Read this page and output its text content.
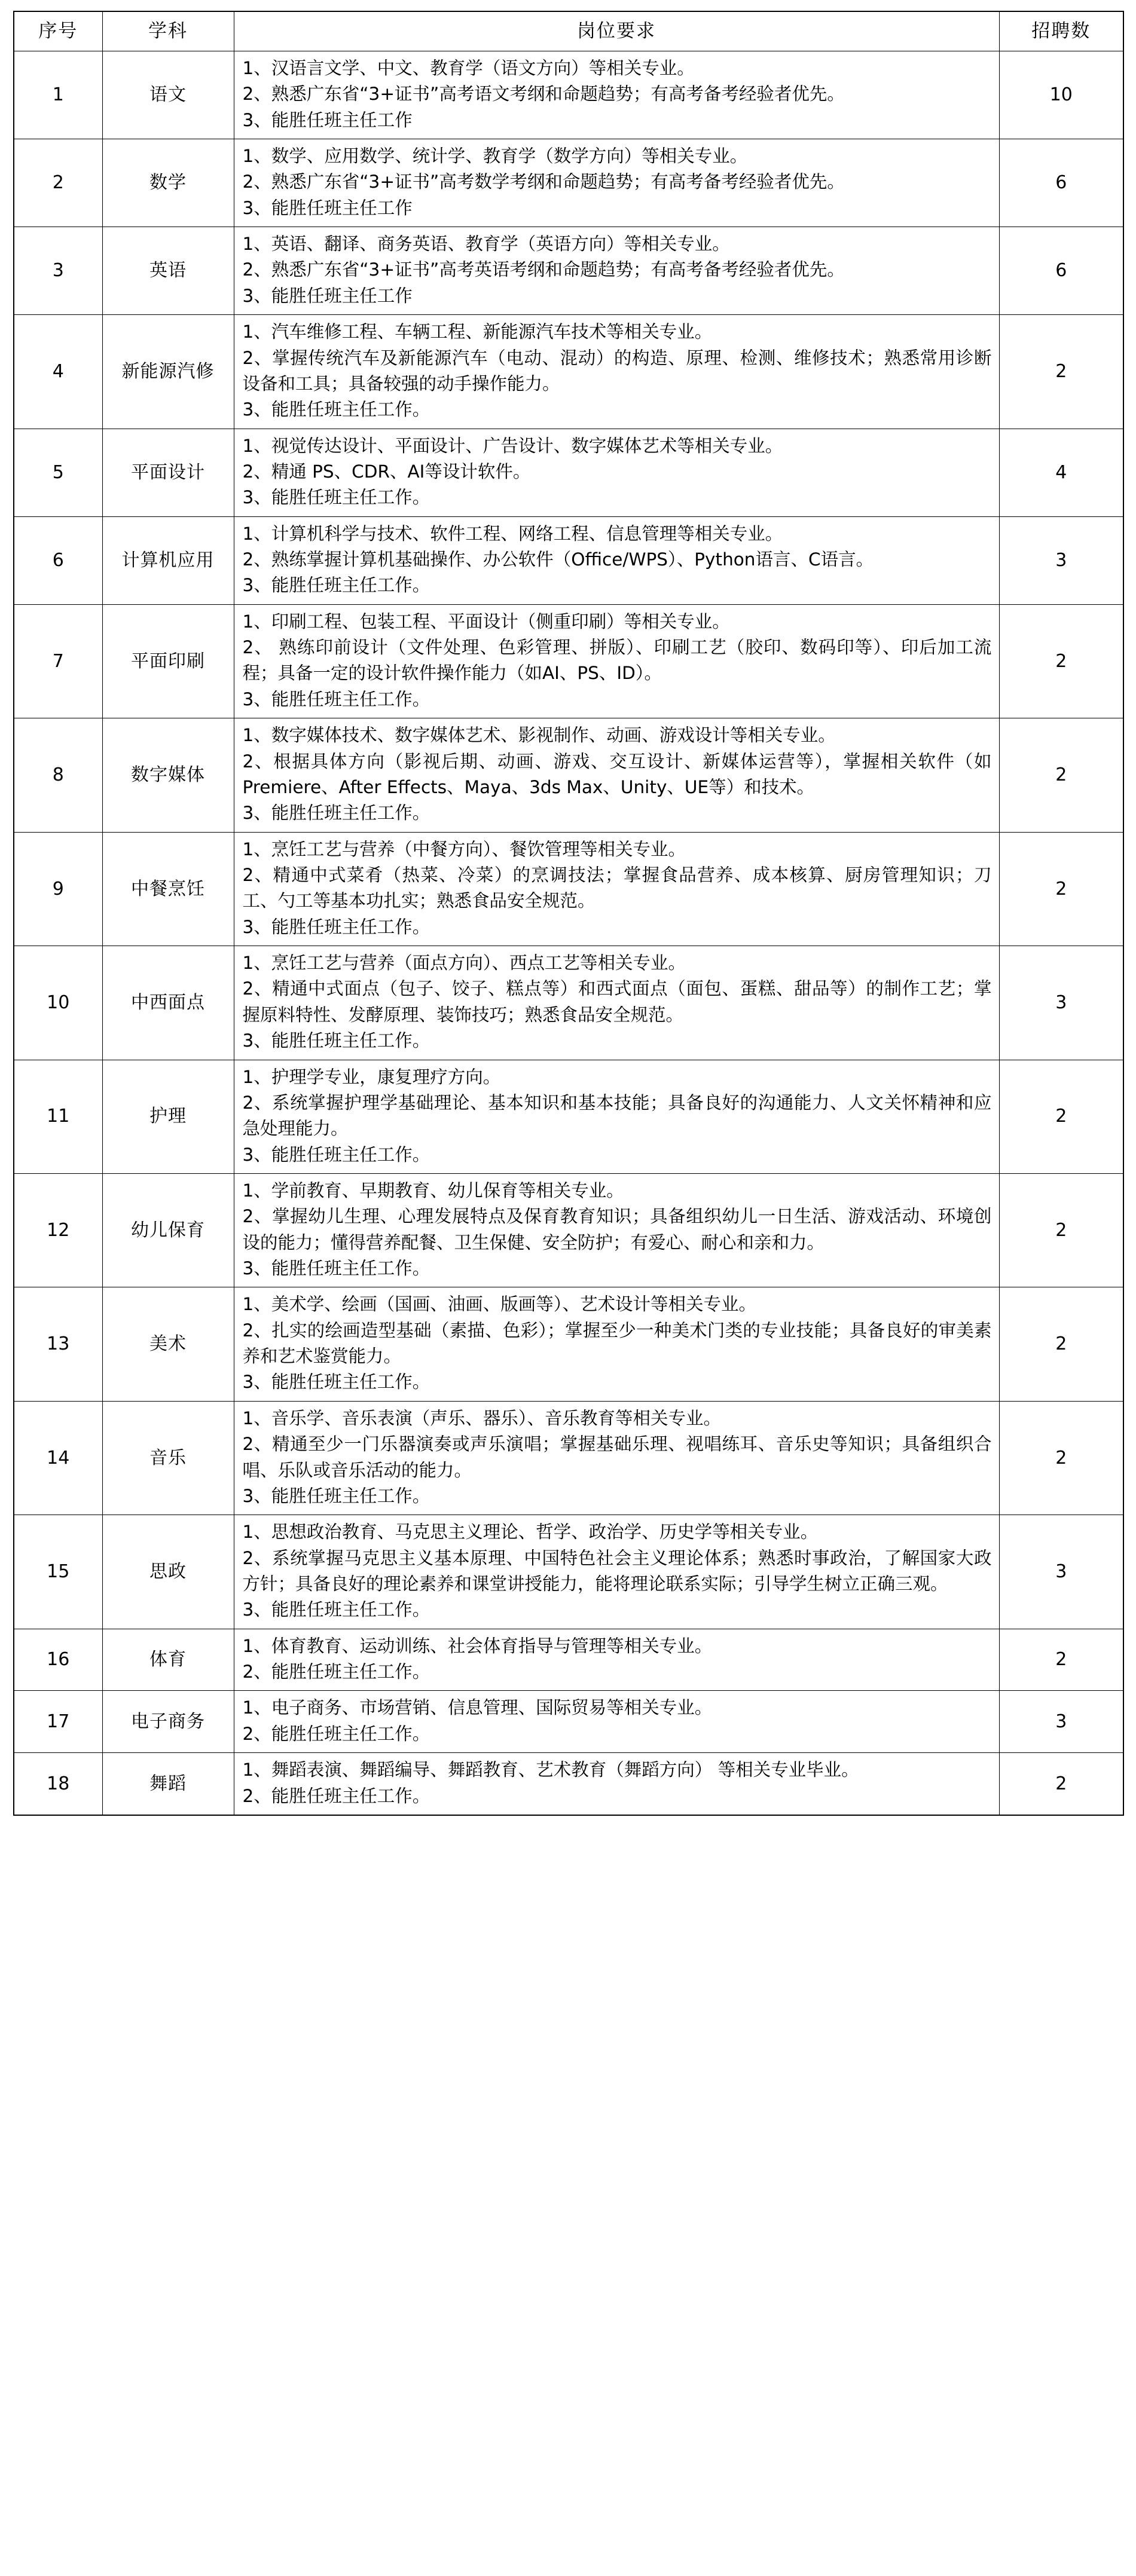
序号	学科	岗位要求	招聘数
1	语文	1、汉语言文学、中文、教育学（语文方向）等相关专业。
2、熟悉广东省“3+证书”高考语文考纲和命题趋势；有高考备考经验者优先。
3、能胜任班主任工作	10
2	数学	1、数学、应用数学、统计学、教育学（数学方向）等相关专业。
2、熟悉广东省“3+证书”高考数学考纲和命题趋势；有高考备考经验者优先。
3、能胜任班主任工作	6
3	英语	1、英语、翻译、商务英语、教育学（英语方向）等相关专业。
2、熟悉广东省“3+证书”高考英语考纲和命题趋势；有高考备考经验者优先。
3、能胜任班主任工作	6
4	新能源汽修	1、汽车维修工程、车辆工程、新能源汽车技术等相关专业。
2、掌握传统汽车及新能源汽车（电动、混动）的构造、原理、检测、维修技术；熟悉常用诊断设备和工具；具备较强的动手操作能力。
3、能胜任班主任工作。	2
5	平面设计	1、视觉传达设计、平面设计、广告设计、数字媒体艺术等相关专业。
2、精通 PS、CDR、AI等设计软件。
3、能胜任班主任工作。	4
6	计算机应用	1、计算机科学与技术、软件工程、网络工程、信息管理等相关专业。
2、熟练掌握计算机基础操作、办公软件（Office/WPS）、Python语言、C语言。
3、能胜任班主任工作。	3
7	平面印刷	1、印刷工程、包装工程、平面设计（侧重印刷）等相关专业。
2、 熟练印前设计（文件处理、色彩管理、拼版）、印刷工艺（胶印、数码印等）、印后加工流程；具备一定的设计软件操作能力（如AI、PS、ID）。
3、能胜任班主任工作。	2
8	数字媒体	1、数字媒体技术、数字媒体艺术、影视制作、动画、游戏设计等相关专业。
2、根据具体方向（影视后期、动画、游戏、交互设计、新媒体运营等），掌握相关软件（如 Premiere、After Effects、Maya、3ds Max、Unity、UE等）和技术。
3、能胜任班主任工作。	2
9	中餐烹饪	1、烹饪工艺与营养（中餐方向）、餐饮管理等相关专业。
2、精通中式菜肴（热菜、冷菜）的烹调技法；掌握食品营养、成本核算、厨房管理知识；刀工、勺工等基本功扎实；熟悉食品安全规范。
3、能胜任班主任工作。	2
10	中西面点	1、烹饪工艺与营养（面点方向）、西点工艺等相关专业。
2、精通中式面点（包子、饺子、糕点等）和西式面点（面包、蛋糕、甜品等）的制作工艺；掌握原料特性、发酵原理、装饰技巧；熟悉食品安全规范。
3、能胜任班主任工作。	3
11	护理	1、护理学专业，康复理疗方向。
2、系统掌握护理学基础理论、基本知识和基本技能；具备良好的沟通能力、人文关怀精神和应急处理能力。
3、能胜任班主任工作。	2
12	幼儿保育	1、学前教育、早期教育、幼儿保育等相关专业。
2、掌握幼儿生理、心理发展特点及保育教育知识；具备组织幼儿一日生活、游戏活动、环境创设的能力；懂得营养配餐、卫生保健、安全防护；有爱心、耐心和亲和力。
3、能胜任班主任工作。	2
13	美术	1、美术学、绘画（国画、油画、版画等）、艺术设计等相关专业。
2、扎实的绘画造型基础（素描、色彩）；掌握至少一种美术门类的专业技能；具备良好的审美素养和艺术鉴赏能力。
3、能胜任班主任工作。	2
14	音乐	1、音乐学、音乐表演（声乐、器乐）、音乐教育等相关专业。
2、精通至少一门乐器演奏或声乐演唱；掌握基础乐理、视唱练耳、音乐史等知识；具备组织合唱、乐队或音乐活动的能力。
3、能胜任班主任工作。	2
15	思政	1、思想政治教育、马克思主义理论、哲学、政治学、历史学等相关专业。
2、系统掌握马克思主义基本原理、中国特色社会主义理论体系；熟悉时事政治，了解国家大政方针；具备良好的理论素养和课堂讲授能力，能将理论联系实际；引导学生树立正确三观。
3、能胜任班主任工作。	3
16	体育	1、体育教育、运动训练、社会体育指导与管理等相关专业。
2、能胜任班主任工作。	2
17	电子商务	1、电子商务、市场营销、信息管理、国际贸易等相关专业。
2、能胜任班主任工作。	3
18	舞蹈	1、舞蹈表演、舞蹈编导、舞蹈教育、艺术教育（舞蹈方向） 等相关专业毕业。
2、能胜任班主任工作。	2
